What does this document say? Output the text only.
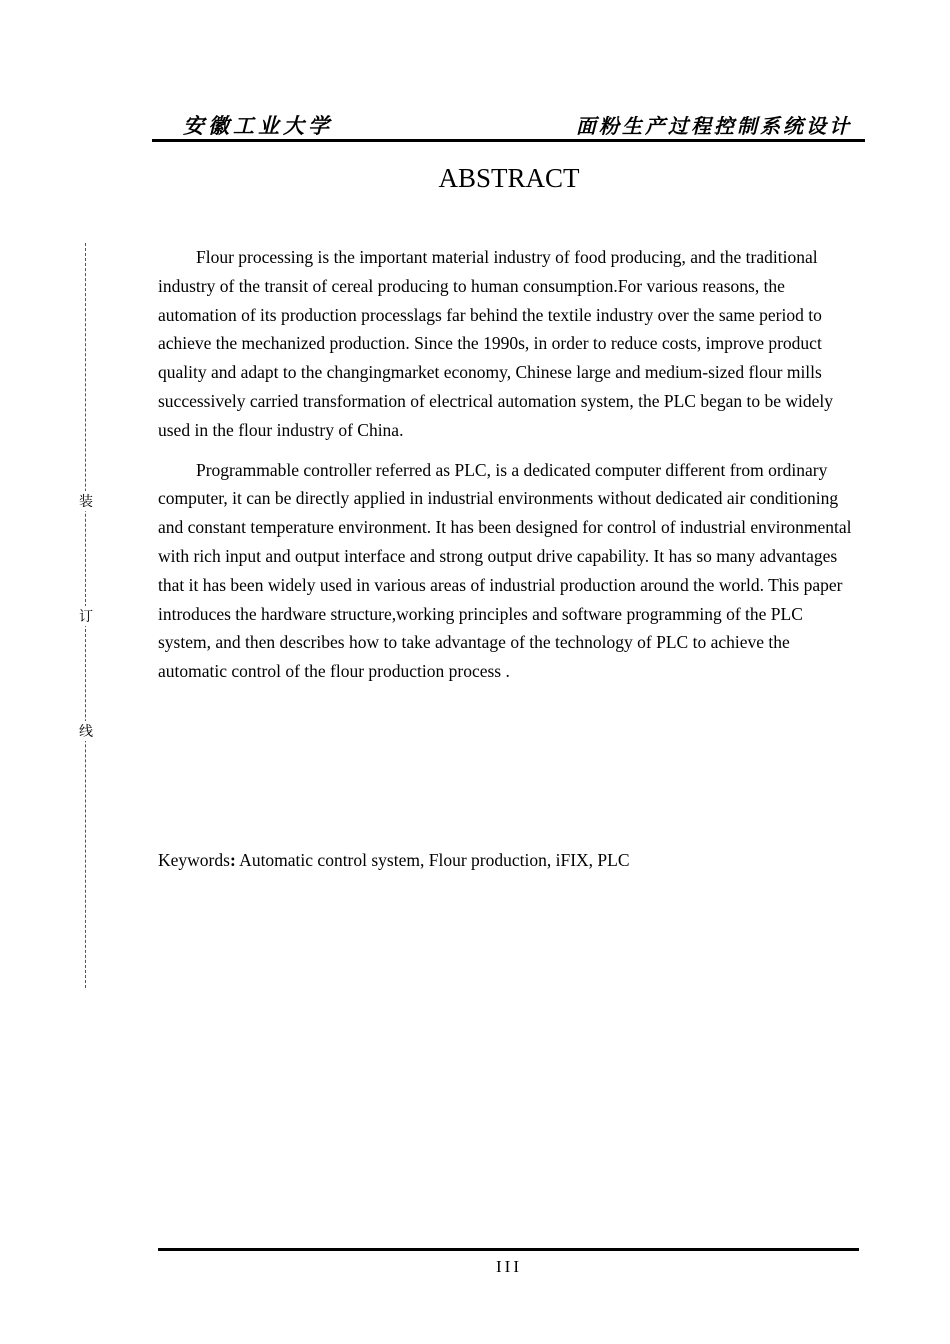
安徽工业大学	面粉生产过程控制系统设计
ABSTRACT

Flour processing is the important material industry of food producing, and the traditional industry of the transit of cereal producing to human consumption.For various reasons, the automation of its production processlags far behind the textile industry over the same period to achieve the mechanized production. Since the 1990s, in order to reduce costs, improve product quality and adapt to the changingmarket economy, Chinese large and medium-sized flour mills successively carried transformation of electrical automation system, the PLC began to be widely used in the flour industry of China.

Programmable controller referred as PLC, is a dedicated computer different from ordinary computer, it can be directly applied in industrial environments without dedicated air conditioning and constant temperature environment. It has been designed for control of industrial environmental with rich input and output interface and strong output drive capability. It has so many advantages that it has been widely used in various areas of industrial production around the world. This paper introduces the hardware structure,working principles and software programming of the PLC system, and then describes how to take advantage of the technology of PLC to achieve the automatic control of the flour production process .

Keywords: Automatic control system, Flour production, iFIX, PLC
装
订
线
III
